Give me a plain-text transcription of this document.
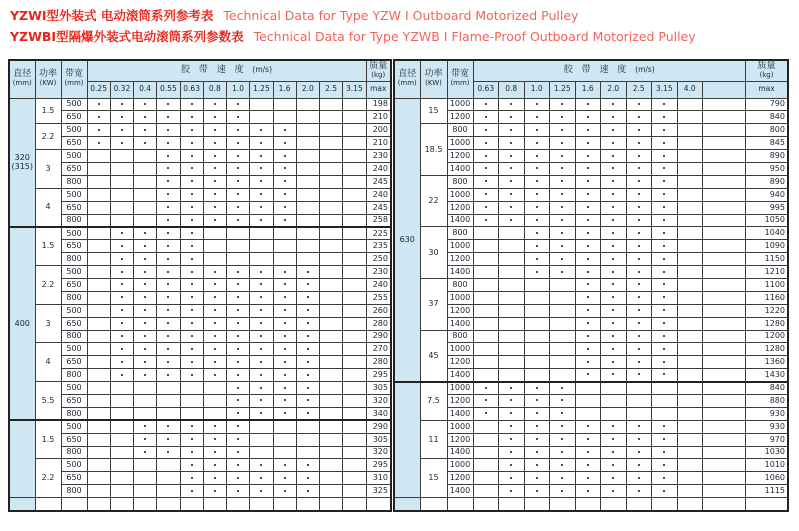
YZWⅠ型外装式 电动滚筒系列参考表 Technical Data for Type YZW Ⅰ Outboard Motorized Pulley
YZWBⅠ型隔爆外装式电动滚筒系列参数表 Technical Data for Type YZWB Ⅰ Flame-Proof Outboard Motorized Pulley
直径
(mm)

功率
(KW)

带宽
(mm)
	胶 带 速 度 (m/s)	质量
(kg)

			0.25	0.32	0.4	0.55	0.63	0.8	1.0	1.25	1.6	2.0	2.5	3.15	max

320
(315)	1.5	500													198
		650													210
	2.2	500													200
		650													210
	3	500													230
		650													240
		800													245
	4	500													240
		650													245
		800													258

400	1.5	500													225
		650													235
		800													250
	2.2	500													230
		650													240
		800													255
	3	500													260
		650													280
		800													290
	4	500													270
		650													280
		800													295
	5.5	500													305
		650													320
		800													340

	1.5	500													290
		650													305
		800													320
	2.2	500													295
		650													310
		800													325

直径
(mm)

功率
(KW)

带宽
(mm)
	胶 带 速 度 (m/s)	质量
(kg)

			0.63	0.8	1.0	1.25	1.6	2.0	2.5	3.15	4.0		max

630	15	1000											790
		1200											840
	18.5	800											800
		1000											845
		1200											890
		1400											950
	22	800											890
		1000											940
		1200											995
		1400											1050
	30	800											1040
		1000											1090
		1200											1150
		1400											1210
	37	800											1100
		1000											1160
		1200											1220
		1400											1280
	45	800											1200
		1000											1280
		1200											1360
		1400											1430

	7.5	1000											840
		1200											880
		1400											930
	11	1000											930
		1200											970
		1400											1030
	15	1000											1010
		1200											1060
		1400											1115
